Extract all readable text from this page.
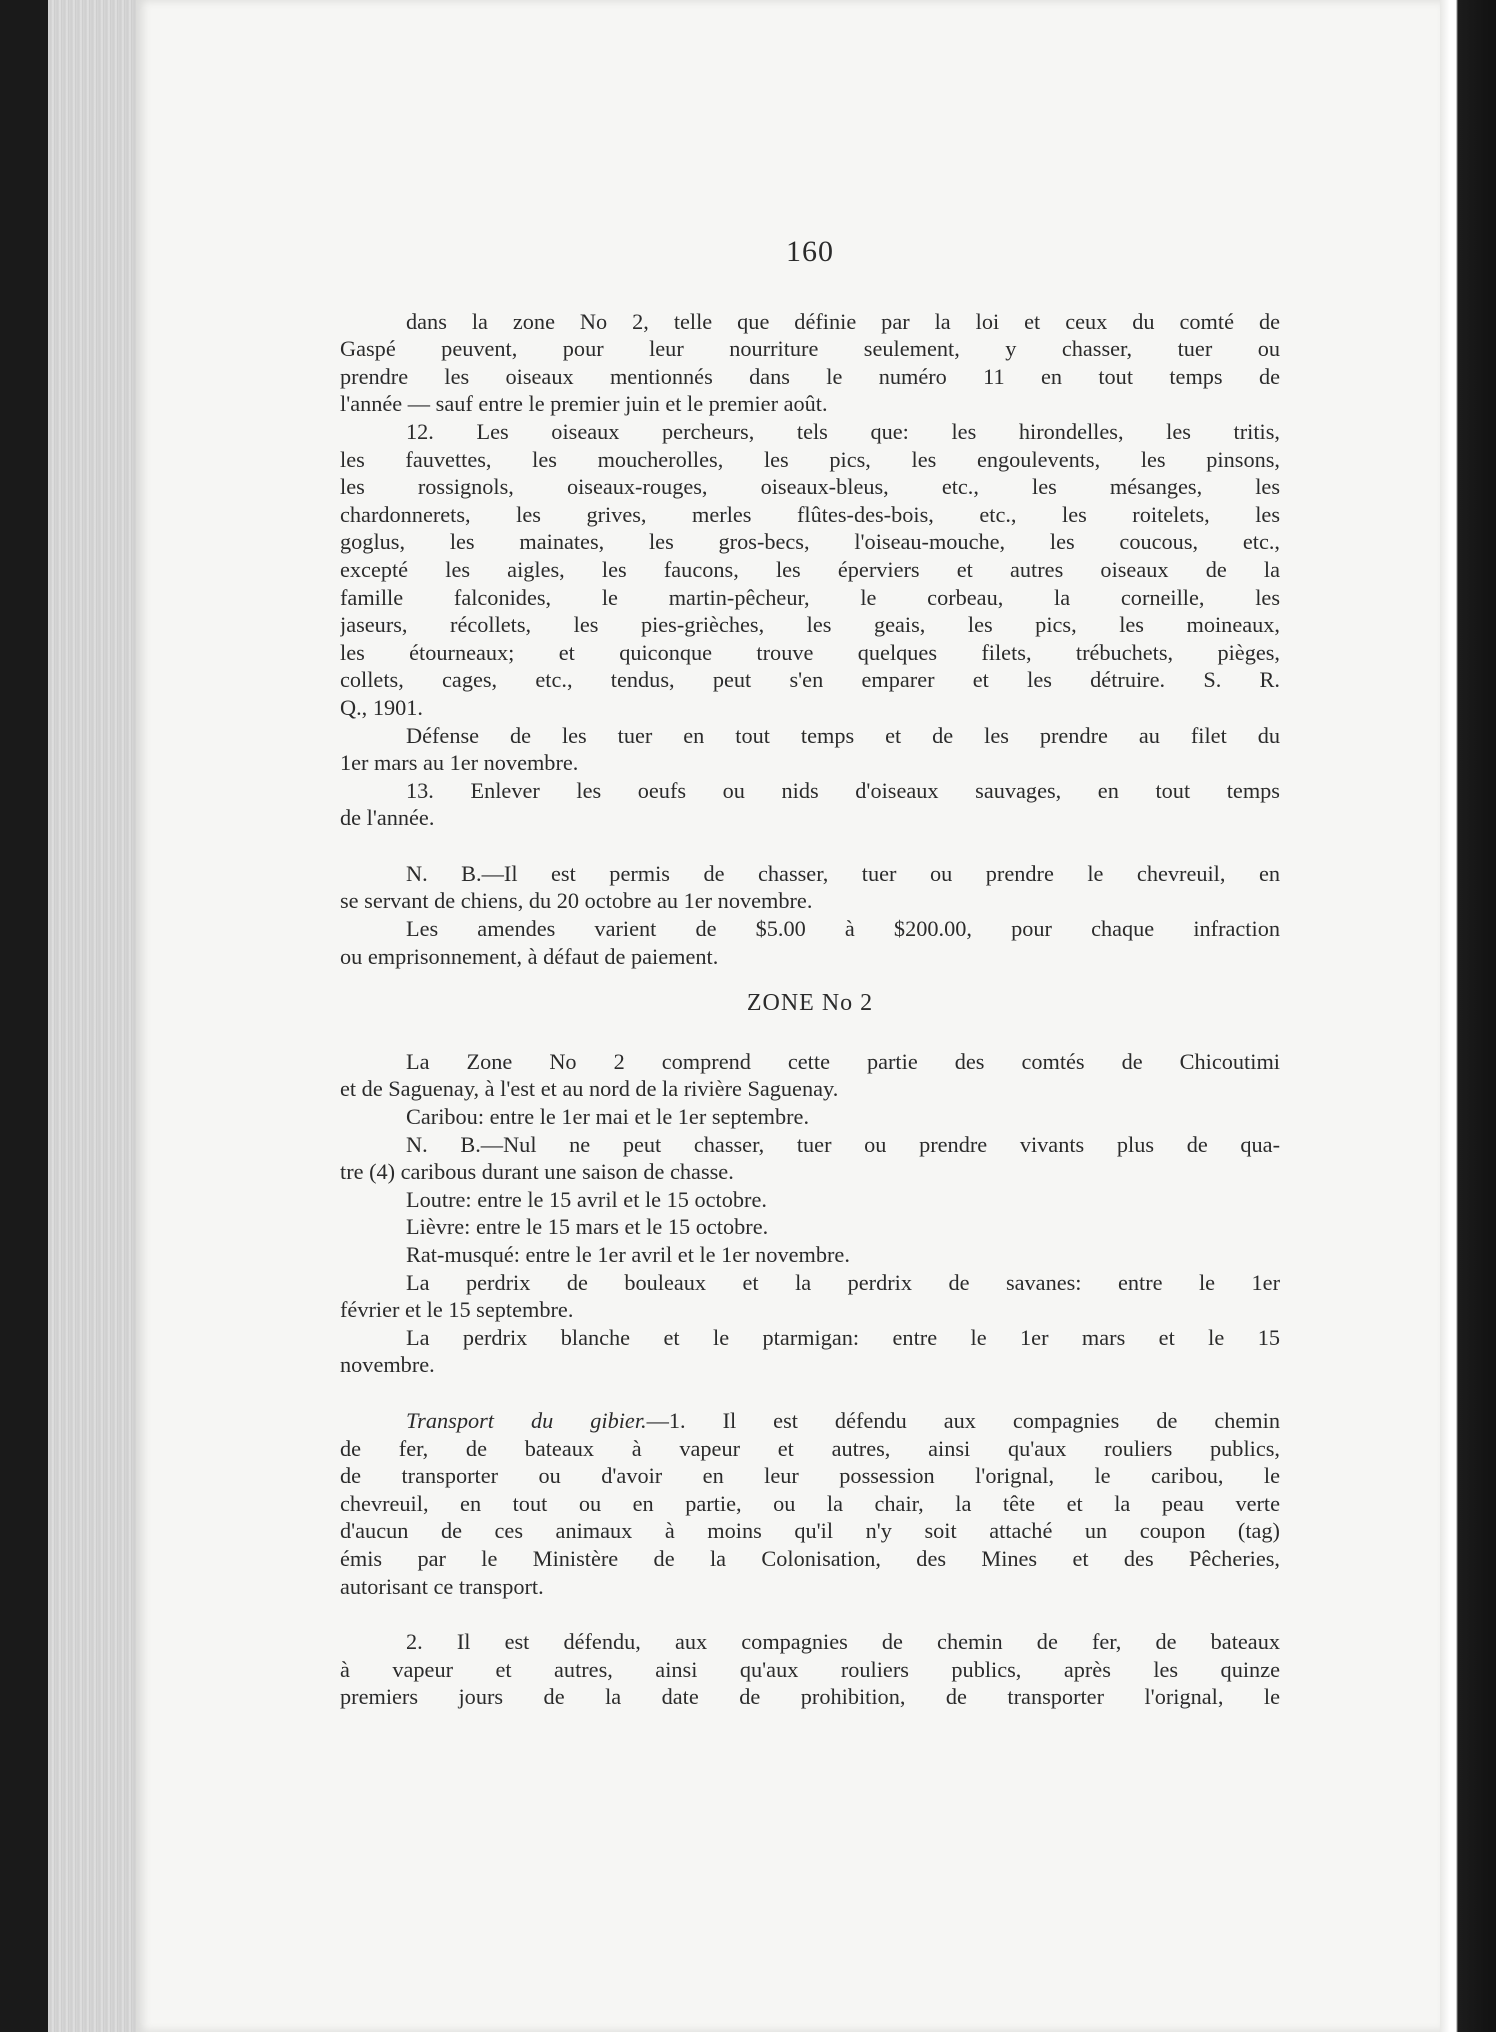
160
dans la zone No 2, telle que définie par la loi et ceux du comté de
Gaspé peuvent, pour leur nourriture seulement, y chasser, tuer ou
prendre les oiseaux mentionnés dans le numéro 11 en tout temps de
l'année — sauf entre le premier juin et le premier août.
12. Les oiseaux percheurs, tels que: les hirondelles, les tritis,
les fauvettes, les moucherolles, les pics, les engoulevents, les pinsons,
les rossignols, oiseaux-rouges, oiseaux-bleus, etc., les mésanges, les
chardonnerets, les grives, merles flûtes-des-bois, etc., les roitelets, les
goglus, les mainates, les gros-becs, l'oiseau-mouche, les coucous, etc.,
excepté les aigles, les faucons, les éperviers et autres oiseaux de la
famille falconides, le martin-pêcheur, le corbeau, la corneille, les
jaseurs, récollets, les pies-grièches, les geais, les pics, les moineaux,
les étourneaux; et quiconque trouve quelques filets, trébuchets, pièges,
collets, cages, etc., tendus, peut s'en emparer et les détruire. S. R.
Q., 1901.
Défense de les tuer en tout temps et de les prendre au filet du
1er mars au 1er novembre.
13. Enlever les oeufs ou nids d'oiseaux sauvages, en tout temps
de l'année.
N. B.—Il est permis de chasser, tuer ou prendre le chevreuil, en
se servant de chiens, du 20 octobre au 1er novembre.
Les amendes varient de $5.00 à $200.00, pour chaque infraction
ou emprisonnement, à défaut de paiement.
ZONE No 2
La Zone No 2 comprend cette partie des comtés de Chicoutimi
et de Saguenay, à l'est et au nord de la rivière Saguenay.
Caribou: entre le 1er mai et le 1er septembre.
N. B.—Nul ne peut chasser, tuer ou prendre vivants plus de qua-
tre (4) caribous durant une saison de chasse.
Loutre: entre le 15 avril et le 15 octobre.
Lièvre: entre le 15 mars et le 15 octobre.
Rat-musqué: entre le 1er avril et le 1er novembre.
La perdrix de bouleaux et la perdrix de savanes: entre le 1er
février et le 15 septembre.
La perdrix blanche et le ptarmigan: entre le 1er mars et le 15
novembre.
Transport du gibier.—1. Il est défendu aux compagnies de chemin
de fer, de bateaux à vapeur et autres, ainsi qu'aux rouliers publics,
de transporter ou d'avoir en leur possession l'orignal, le caribou, le
chevreuil, en tout ou en partie, ou la chair, la tête et la peau verte
d'aucun de ces animaux à moins qu'il n'y soit attaché un coupon (tag)
émis par le Ministère de la Colonisation, des Mines et des Pêcheries,
autorisant ce transport.
2. Il est défendu, aux compagnies de chemin de fer, de bateaux
à vapeur et autres, ainsi qu'aux rouliers publics, après les quinze
premiers jours de la date de prohibition, de transporter l'orignal, le
